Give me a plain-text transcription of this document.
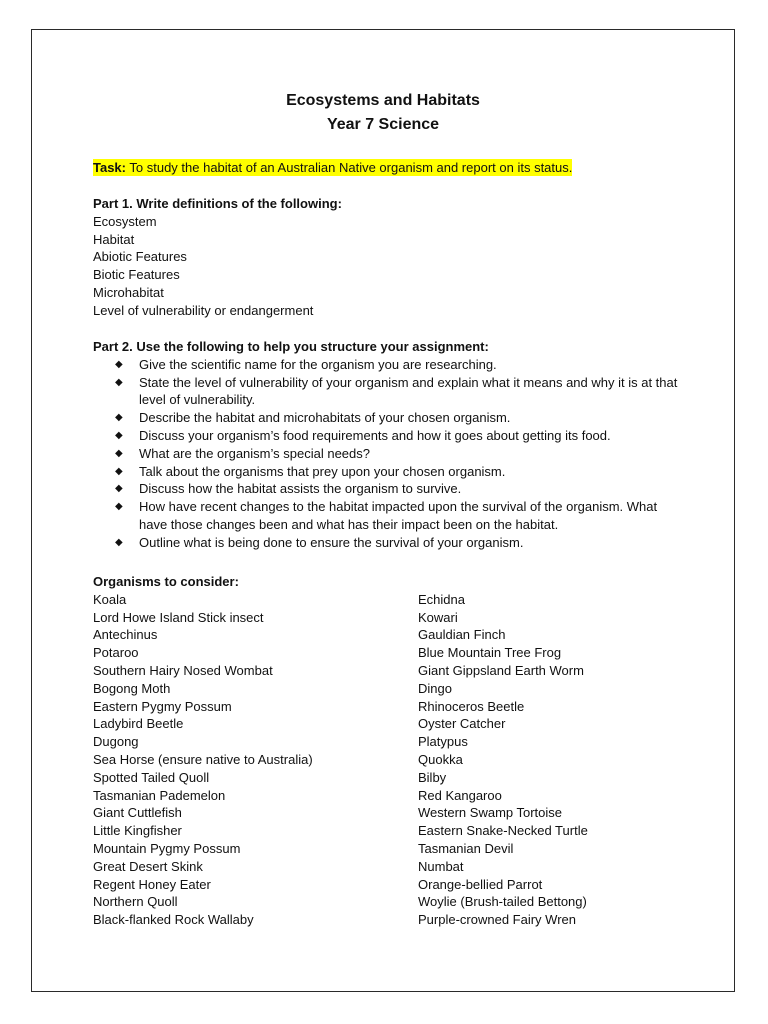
Ecosystems and Habitats
Year 7 Science
Task: To study the habitat of an Australian Native organism and report on its status.
Part 1. Write definitions of the following:
Ecosystem
Habitat
Abiotic Features
Biotic Features
Microhabitat
Level of vulnerability or endangerment
Part 2. Use the following to help you structure your assignment:
◆ Give the scientific name for the organism you are researching.
◆ State the level of vulnerability of your organism and explain what it means and why it is at that level of vulnerability.
◆ Describe the habitat and microhabitats of your chosen organism.
◆ Discuss your organism’s food requirements and how it goes about getting its food.
◆ What are the organism’s special needs?
◆ Talk about the organisms that prey upon your chosen organism.
◆ Discuss how the habitat assists the organism to survive.
◆ How have recent changes to the habitat impacted upon the survival of the organism. What have those changes been and what has their impact been on the habitat.
◆ Outline what is being done to ensure the survival of your organism.
Organisms to consider:
Koala
Lord Howe Island Stick insect
Antechinus
Potaroo
Southern Hairy Nosed Wombat
Bogong Moth
Eastern Pygmy Possum
Ladybird Beetle
Dugong
Sea Horse (ensure native to Australia)
Spotted Tailed Quoll
Tasmanian Pademelon
Giant Cuttlefish
Little Kingfisher
Mountain Pygmy Possum
Great Desert Skink
Regent Honey Eater
Northern Quoll
Black-flanked Rock Wallaby
Echidna
Kowari
Gauldian Finch
Blue Mountain Tree Frog
Giant Gippsland Earth Worm
Dingo
Rhinoceros Beetle
Oyster Catcher
Platypus
Quokka
Bilby
Red Kangaroo
Western Swamp Tortoise
Eastern Snake-Necked Turtle
Tasmanian Devil
Numbat
Orange-bellied Parrot
Woylie (Brush-tailed Bettong)
Purple-crowned Fairy Wren
